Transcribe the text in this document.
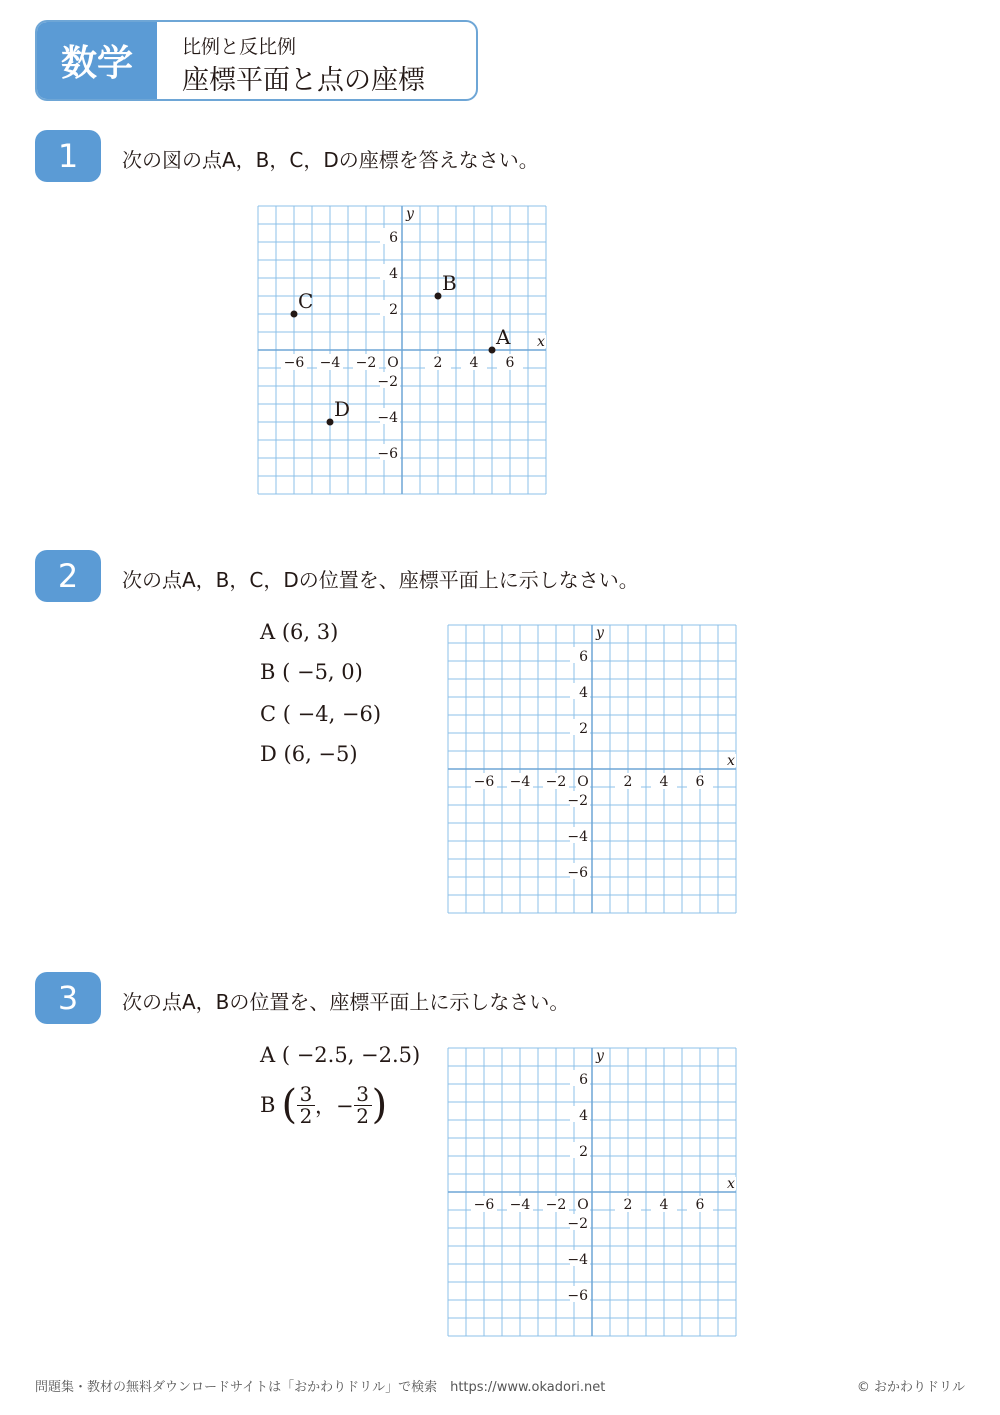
数学	比例と反比例
座標平面と点の座標
1	次の図の点A，B，C，Dの座標を答えなさい。
−6 −4 −2	2 4 6
6
4
2
−2
−4
−6
O
x
y
A
B
C
D
2	次の点A，B，C，Dの位置を、座標平面上に示しなさい。
A (6, 3)
B ( −5, 0)
C ( −4, −6)
D (6, −5)
−6 −4 −2	2 4 6
6
4
2
−2
−4
−6
O
x
y
3	次の点A，Bの位置を、座標平面上に示しなさい。
A ( −2.5, −2.5)
B ( $\frac{3}{2}$ ，− $\frac{3}{2}$ )
−6 −4 −2	2 4 6
6
4
2
−2
−4
−6
O
x
y
問題集・教材の無料ダウンロードサイトは「おかわりドリル」で検索　https://www.okadori.net	© おかわりドリル
